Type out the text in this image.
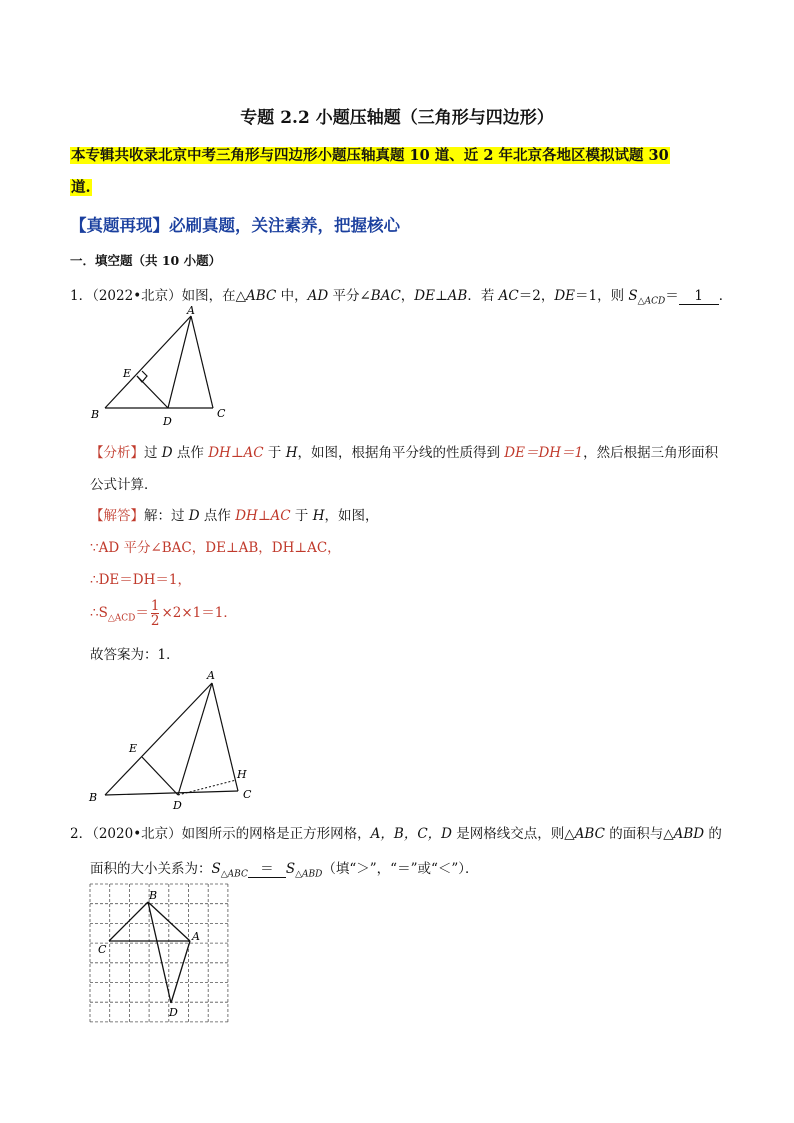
专题 2.2 小题压轴题（三角形与四边形）
本专辑共收录北京中考三角形与四边形小题压轴真题 10 道、近 2 年北京各地区模拟试题 30
道.
【真题再现】必刷真题，关注素养，把握核心
一．填空题（共 10 小题）
1．（2022•北京）如图，在△ABC 中，AD 平分∠BAC，DE⊥AB．若 AC＝2，DE＝1，则 $S_{\triangle ACD}= 1$ ．
A
B	C
D
E
【分析】过 D 点作 DH⊥AC 于 H，如图，根据角平分线的性质得到 DE＝DH＝1，然后根据三角形面积
公式计算．
【解答】解：过 D 点作 DH⊥AC 于 H，如图，
∵AD 平分∠BAC，DE⊥AB，DH⊥AC，
∴DE＝DH＝1，
$\therefore S_{\triangle ACD}= \frac{1}{2} \times 2\times 1=1$．
故答案为：1．
A
B	C
D
E
H
2．（2020•北京）如图所示的网格是正方形网格，A，B，C，D 是网格线交点，则△ABC 的面积与△ABD 的
面积的大小关系为：$S_{\triangle ABC} = S_{\triangle ABD}$（填“＞”，“＝”或“＜”）．
B
A
C
D
